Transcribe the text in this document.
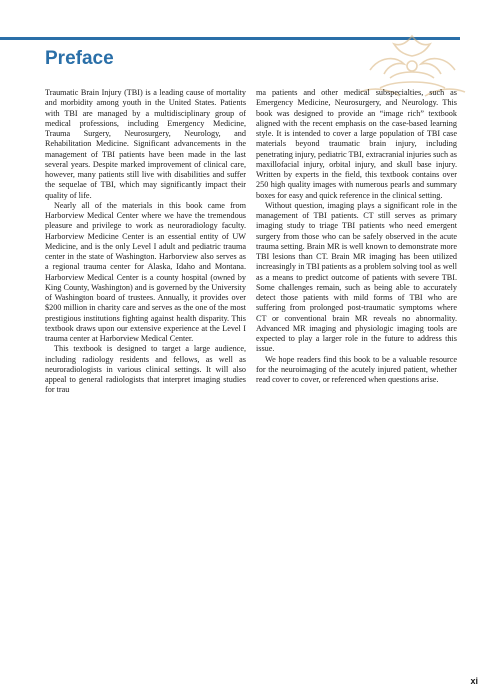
Preface

Traumatic Brain Injury (TBI) is a leading cause of mortality and morbidity among youth in the United States. Patients with TBI are managed by a multidisciplinary group of medical professions, including Emergency Medicine, Trauma Surgery, Neurosurgery, Neurology, and Rehabilitation Medicine. Significant advancements in the management of TBI patients have been made in the last several years. Despite marked improvement of clinical care, however, many patients still live with disabilities and suffer the sequelae of TBI, which may significantly impact their quality of life.

Nearly all of the materials in this book came from Harborview Medical Center where we have the tremendous pleasure and privilege to work as neuroradiology faculty. Harborview Medicine Center is an essential entity of UW Medicine, and is the only Level I adult and pediatric trauma center in the state of Washington. Harborview also serves as a regional trauma center for Alaska, Idaho and Montana. Harborview Medical Center is a county hospital (owned by King County, Washington) and is governed by the University of Washington board of trustees. Annually, it provides over $200 million in charity care and serves as the one of the most prestigious institutions fighting against health disparity. This textbook draws upon our extensive experience at the Level I trauma center at Harborview Medical Center.

This textbook is designed to target a large audience, including radiology residents and fellows, as well as neuroradiologists in various clinical settings. It will also appeal to general radiologists that interpret imaging studies for trau

ma patients and other medical subspecialties, such as Emergency Medicine, Neurosurgery, and Neurology. This book was designed to provide an “image rich” textbook aligned with the recent emphasis on the case-based learning style. It is intended to cover a large population of TBI case materials beyond traumatic brain injury, including penetrating injury, pediatric TBI, extracranial injuries such as maxillofacial injury, orbital injury, and skull base injury. Written by experts in the field, this textbook contains over 250 high quality images with numerous pearls and summary boxes for easy and quick reference in the clinical setting.

Without question, imaging plays a significant role in the management of TBI patients. CT still serves as primary imaging study to triage TBI patients who need emergent surgery from those who can be safely observed in the acute trauma setting. Brain MR is well known to demonstrate more TBI lesions than CT. Brain MR imaging has been utilized increasingly in TBI patients as a problem solving tool as well as a means to predict outcome of patients with severe TBI. Some challenges remain, such as being able to accurately detect those patients with mild forms of TBI who are suffering from prolonged post-traumatic symptoms where CT or conventional brain MR reveals no abnormality. Advanced MR imaging and physiologic imaging tools are expected to play a larger role in the future to address this issue.

We hope readers find this book to be a valuable resource for the neuroimaging of the acutely injured patient, whether read cover to cover, or referenced when questions arise.

xi
